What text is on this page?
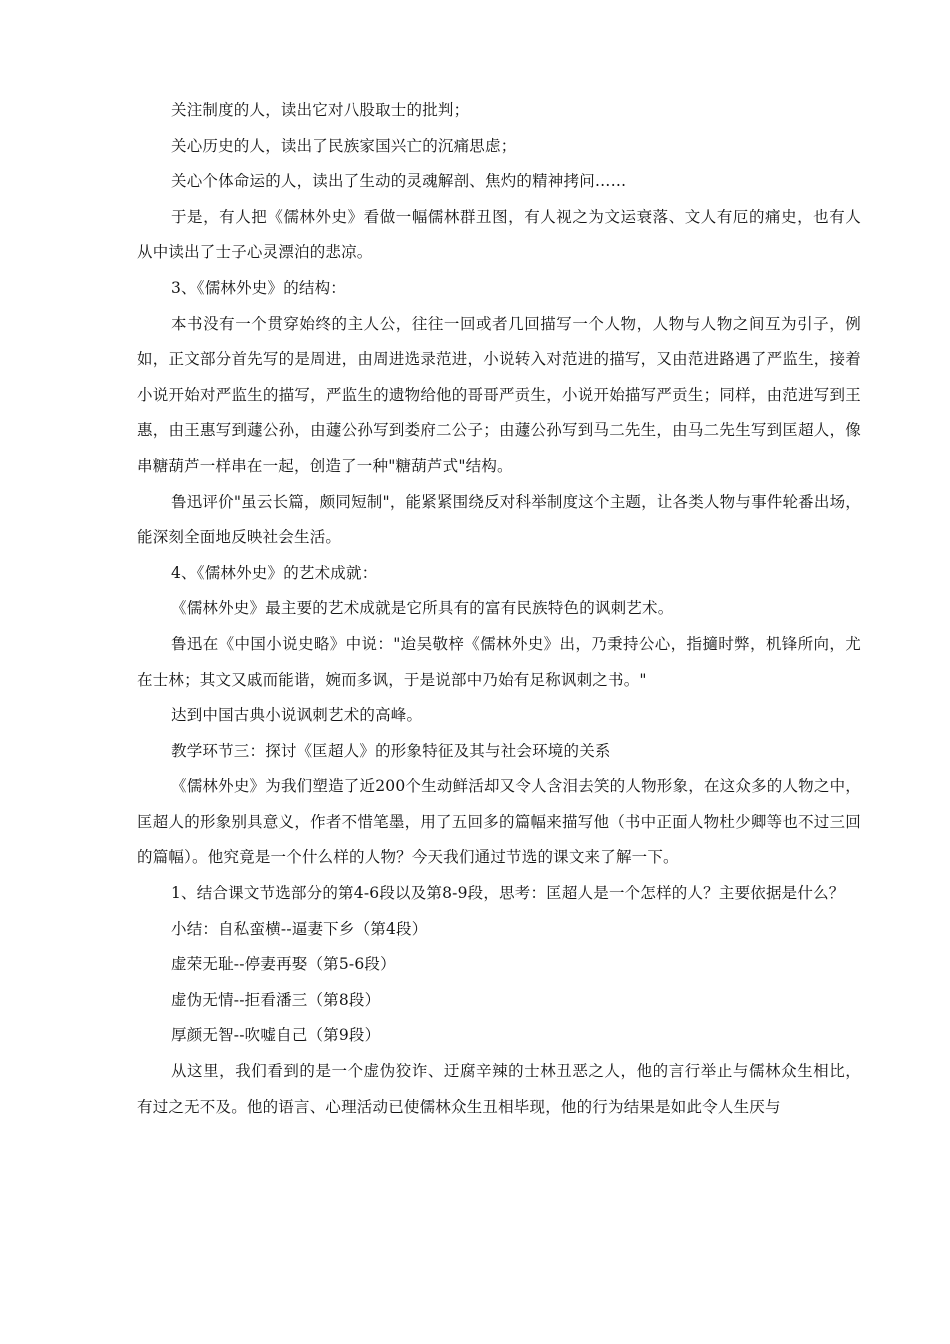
关注制度的人，读出它对八股取士的批判；

关心历史的人，读出了民族家国兴亡的沉痛思虑；

关心个体命运的人，读出了生动的灵魂解剖、焦灼的精神拷问……

于是，有人把《儒林外史》看做一幅儒林群丑图，有人视之为文运衰落、文人有厄的痛史，也有人从中读出了士子心灵漂泊的悲凉。

3、《儒林外史》的结构：

本书没有一个贯穿始终的主人公，往往一回或者几回描写一个人物，人物与人物之间互为引子，例如，正文部分首先写的是周进，由周进选录范进，小说转入对范进的描写，又由范进路遇了严监生，接着小说开始对严监生的描写，严监生的遗物给他的哥哥严贡生，小说开始描写严贡生；同样，由范进写到王惠，由王惠写到蘧公孙，由蘧公孙写到娄府二公子；由蘧公孙写到马二先生，由马二先生写到匡超人，像串糖葫芦一样串在一起，创造了一种"糖葫芦式"结构。

鲁迅评价"虽云长篇，颇同短制"，能紧紧围绕反对科举制度这个主题，让各类人物与事件轮番出场，能深刻全面地反映社会生活。

4、《儒林外史》的艺术成就：

《儒林外史》最主要的艺术成就是它所具有的富有民族特色的讽刺艺术。

鲁迅在《中国小说史略》中说："迨吴敬梓《儒林外史》出，乃秉持公心，指擿时弊，机锋所向，尤在士林；其文又戚而能谐，婉而多讽，于是说部中乃始有足称讽刺之书。"

达到中国古典小说讽刺艺术的高峰。

教学环节三：探讨《匡超人》的形象特征及其与社会环境的关系

《儒林外史》为我们塑造了近200个生动鲜活却又令人含泪去笑的人物形象，在这众多的人物之中，匡超人的形象别具意义，作者不惜笔墨，用了五回多的篇幅来描写他（书中正面人物杜少卿等也不过三回的篇幅）。他究竟是一个什么样的人物？今天我们通过节选的课文来了解一下。

1、结合课文节选部分的第4-6段以及第8-9段，思考：匡超人是一个怎样的人？主要依据是什么？

小结：自私蛮横--逼妻下乡（第4段）

虚荣无耻--停妻再娶（第5-6段）

虚伪无情--拒看潘三（第8段）

厚颜无智--吹嘘自己（第9段）

从这里，我们看到的是一个虚伪狡诈、迂腐辛辣的士林丑恶之人，他的言行举止与儒林众生相比，有过之无不及。他的语言、心理活动已使儒林众生丑相毕现，他的行为结果是如此令人生厌与
